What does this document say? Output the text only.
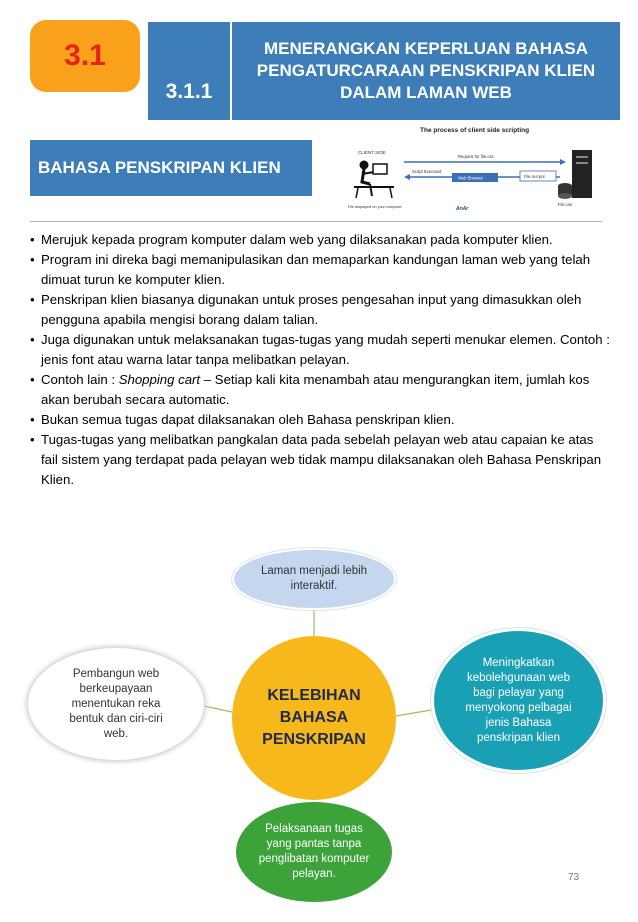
3.1
3.1.1
MENERANGKAN KEPERLUAN BAHASA PENGATURCARAAN PENSKRIPAN KLIEN DALAM LAMAN WEB
BAHASA PENSKRIPAN KLIEN
The process of client side scripting
CLIENT SIDE
File displayed on your computer
Request for file.css
Script Executed
Web Browser	File out put
File.css
AnAr
• Merujuk kepada program komputer dalam web yang dilaksanakan pada komputer klien.
• Program ini direka bagi memanipulasikan dan memaparkan kandungan laman web yang telah dimuat turun ke komputer klien.
• Penskripan klien biasanya digunakan untuk proses pengesahan input yang dimasukkan oleh pengguna apabila mengisi borang dalam talian.
• Juga digunakan untuk melaksanakan tugas-tugas yang mudah seperti menukar elemen. Contoh : jenis font atau warna latar tanpa melibatkan pelayan.
• Contoh lain : Shopping cart – Setiap kali kita menambah atau mengurangkan item, jumlah kos akan berubah secara automatic.
• Bukan semua tugas dapat dilaksanakan oleh Bahasa penskripan klien.
• Tugas-tugas yang melibatkan pangkalan data pada sebelah pelayan web atau capaian ke atas fail sistem yang terdapat pada pelayan web tidak mampu dilaksanakan oleh Bahasa Penskripan Klien.
Laman menjadi lebih interaktif.
Pembangun web berkeupayaan menentukan reka bentuk dan ciri-ciri web.
Meningkatkan kebolehgunaan web bagi pelayar yang menyokong pelbagai jenis Bahasa penskripan klien
KELEBIHAN BAHASA PENSKRIPAN
Pelaksanaan tugas yang pantas tanpa penglibatan komputer pelayan.	73
